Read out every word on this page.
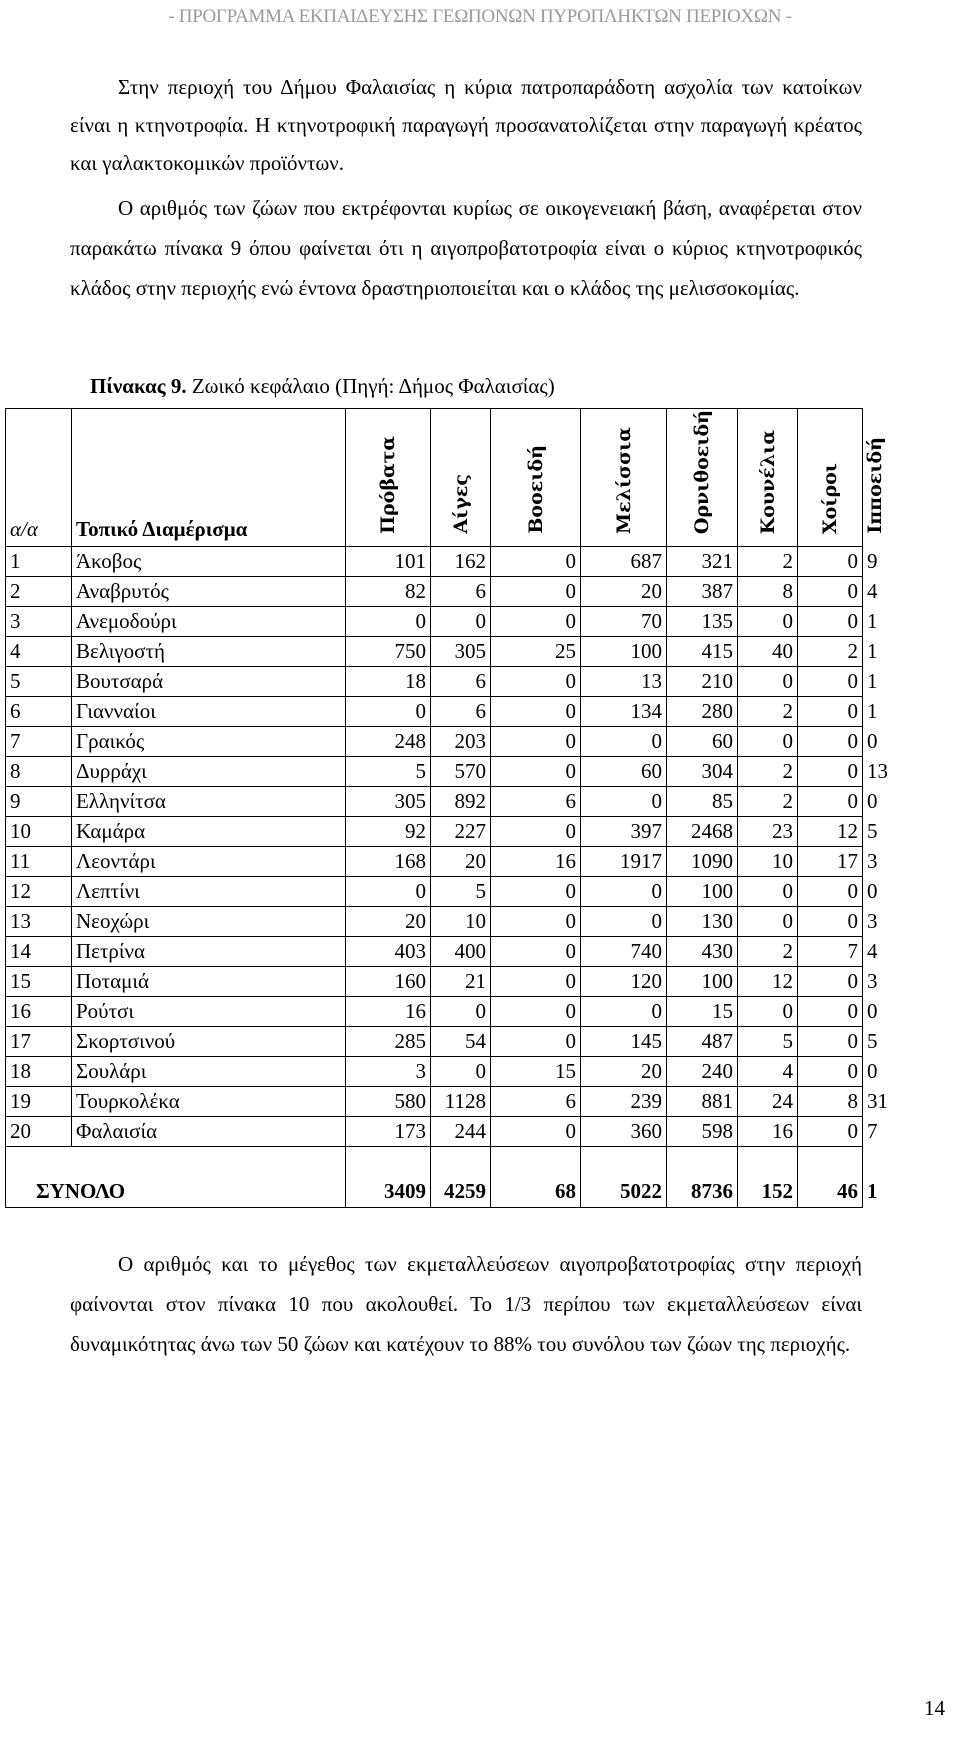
- ΠΡΟΓΡΑΜΜΑ ΕΚΠΑΙΔΕΥΣΗΣ ΓΕΩΠΟΝΩΝ ΠΥΡΟΠΛΗΚΤΩΝ ΠΕΡΙΟΧΩΝ -
Στην περιοχή του Δήμου Φαλαισίας η κύρια πατροπαράδοτη ασχολία των κατοίκων είναι η κτηνοτροφία. Η κτηνοτροφική παραγωγή προσανατολίζεται στην παραγωγή κρέατος και γαλακτοκομικών προϊόντων.
Ο αριθμός των ζώων που εκτρέφονται κυρίως σε οικογενειακή βάση, αναφέρεται στον παρακάτω πίνακα 9 όπου φαίνεται ότι η αιγοπροβατοτροφία είναι ο κύριος κτηνοτροφικός κλάδος στην περιοχής ενώ έντονα δραστηριοποιείται και ο κλάδος της μελισσοκομίας.
Πίνακας 9. Ζωικό κεφάλαιο (Πηγή: Δήμος Φαλαισίας)
α/α	Τοπικό Διαμέρισμα	Πρόβατα	Αίγες	Βοοειδή	Μελίσσια	Ορνιθοειδή	Κουνέλια	Χοίροι	Ιπποειδή
1	Άκοβος	101	162	0	687	321	2	0	9
2	Αναβρυτός	82	6	0	20	387	8	0	4
3	Ανεμοδούρι	0	0	0	70	135	0	0	1
4	Βελιγοστή	750	305	25	100	415	40	2	1
5	Βουτσαρά	18	6	0	13	210	0	0	1
6	Γιανναίοι	0	6	0	134	280	2	0	1
7	Γραικός	248	203	0	0	60	0	0	0
8	Δυρράχι	5	570	0	60	304	2	0	13
9	Ελληνίτσα	305	892	6	0	85	2	0	0
10	Καμάρα	92	227	0	397	2468	23	12	5
11	Λεοντάρι	168	20	16	1917	1090	10	17	3
12	Λεπτίνι	0	5	0	0	100	0	0	0
13	Νεοχώρι	20	10	0	0	130	0	0	3
14	Πετρίνα	403	400	0	740	430	2	7	4
15	Ποταμιά	160	21	0	120	100	12	0	3
16	Ρούτσι	16	0	0	0	15	0	0	0
17	Σκορτσινού	285	54	0	145	487	5	0	5
18	Σουλάρι	3	0	15	20	240	4	0	0
19	Τουρκολέκα	580	1128	6	239	881	24	8	31
20	Φαλαισία	173	244	0	360	598	16	0	7
ΣΥΝΟΛΟ		3409	4259	68	5022	8736	152	46	1
Ο αριθμός και το μέγεθος των εκμεταλλεύσεων αιγοπροβατοτροφίας στην περιοχή φαίνονται στον πίνακα 10 που ακολουθεί. Το 1/3 περίπου των εκμεταλλεύσεων είναι δυναμικότητας άνω των 50 ζώων και κατέχουν το 88% του συνόλου των ζώων της περιοχής.
14
